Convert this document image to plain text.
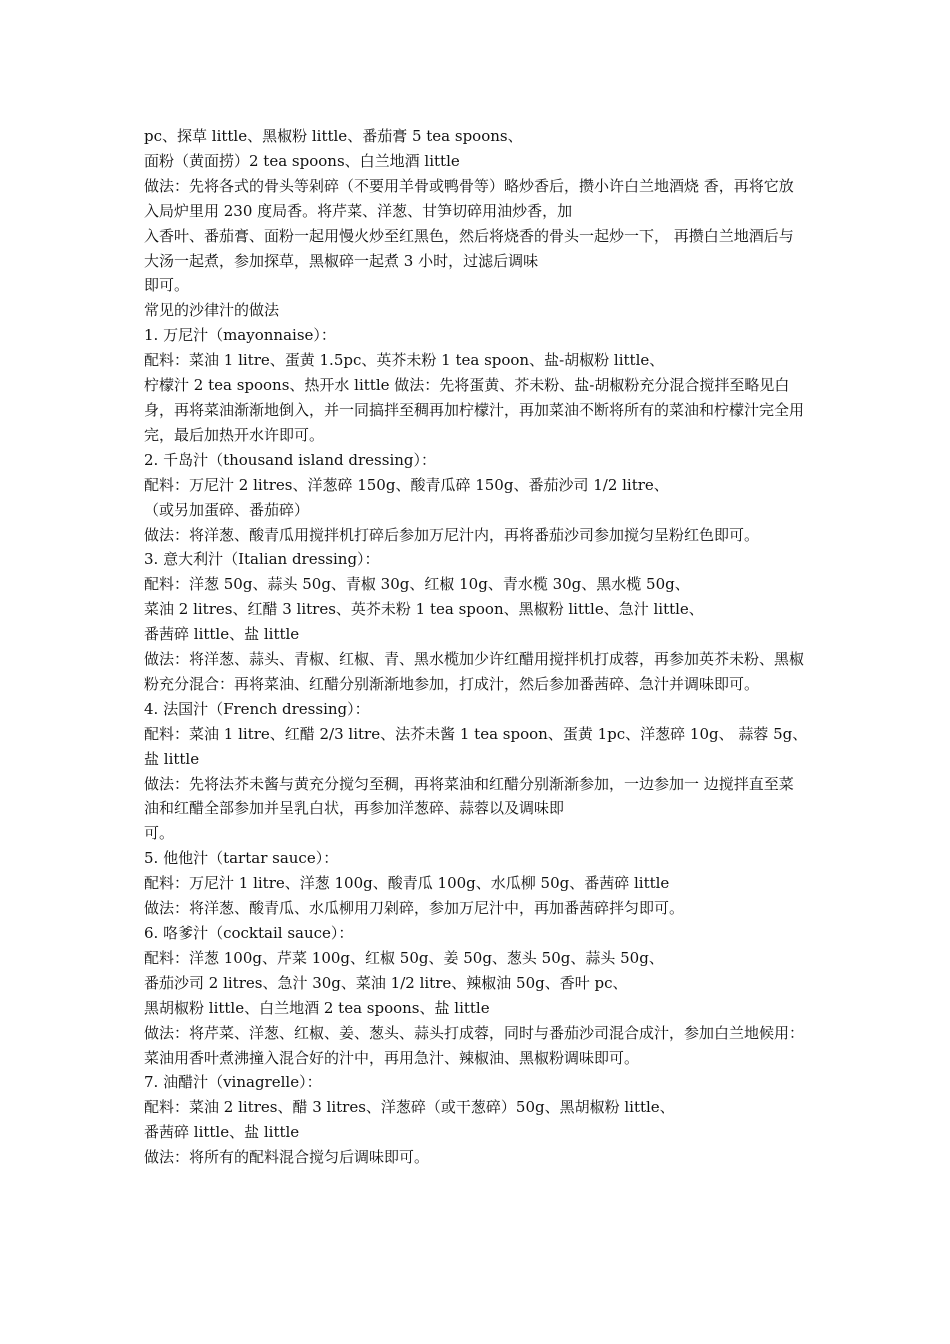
pc、探草 little、黑椒粉 little、番茄膏 5 tea spoons、

面粉（黄面捞）2 tea spoons、白兰地酒 little

做法：先将各式的骨头等剁碎（不要用羊骨或鸭骨等）略炒香后，攒小许白兰地酒烧 香，再将它放入局炉里用 230 度局香。将芹菜、洋葱、甘笋切碎用油炒香，加

入香叶、番茄膏、面粉一起用慢火炒至红黑色，然后将烧香的骨头一起炒一下， 再攒白兰地酒后与大汤一起煮，参加探草，黑椒碎一起煮 3 小时，过滤后调味

即可。

常见的沙律汁的做法

1. 万尼汁（mayonnaise）：

配料：菜油 1 litre、蛋黄 1.5pc、英芥未粉 1 tea spoon、盐-胡椒粉 little、

柠檬汁 2 tea spoons、热开水 little 做法：先将蛋黄、芥未粉、盐-胡椒粉充分混合搅拌至略见白身，再将菜油渐渐地倒入，并一同搞拌至稠再加柠檬汁，再加菜油不断将所有的菜油和柠檬汁完全用完，最后加热开水许即可。

2. 千岛汁（thousand island dressing）：

配料：万尼汁 2 litres、洋葱碎 150g、酸青瓜碎 150g、番茄沙司 1/2 litre、

（或另加蛋碎、番茄碎）

做法：将洋葱、酸青瓜用搅拌机打碎后参加万尼汁内，再将番茄沙司参加搅匀呈粉红色即可。

3. 意大利汁（Italian dressing）：

配料：洋葱 50g、蒜头 50g、青椒 30g、红椒 10g、青水榄 30g、黑水榄 50g、

菜油 2 litres、红醋 3 litres、英芥未粉 1 tea spoon、黑椒粉 little、急汁 little、

番茜碎 little、盐 little

做法：将洋葱、蒜头、青椒、红椒、青、黑水榄加少许红醋用搅拌机打成蓉，再参加英芥未粉、黑椒粉充分混合：再将菜油、红醋分别渐渐地参加，打成汁，然后参加番茜碎、急汁并调味即可。

4. 法国汁（French dressing）：

配料：菜油 1 litre、红醋 2/3 litre、法芥未酱 1 tea spoon、蛋黄 1pc、洋葱碎 10g、 蒜蓉 5g、盐 little

做法：先将法芥未酱与黄充分搅匀至稠，再将菜油和红醋分别渐渐参加，一边参加一 边搅拌直至菜油和红醋全部参加并呈乳白状，再参加洋葱碎、蒜蓉以及调味即

可。

5. 他他汁（tartar sauce）：

配料：万尼汁 1 litre、洋葱 100g、酸青瓜 100g、水瓜柳 50g、番茜碎 little

做法：将洋葱、酸青瓜、水瓜柳用刀剁碎，参加万尼汁中，再加番茜碎拌匀即可。

6. 咯爹汁（cocktail sauce）：

配料：洋葱 100g、芹菜 100g、红椒 50g、姜 50g、葱头 50g、蒜头 50g、

番茄沙司 2 litres、急汁 30g、菜油 1/2 litre、辣椒油 50g、香叶 pc、

黑胡椒粉 little、白兰地酒 2 tea spoons、盐 little

做法：将芹菜、洋葱、红椒、姜、葱头、蒜头打成蓉，同时与番茄沙司混合成汁，参加白兰地候用：菜油用香叶煮沸撞入混合好的汁中，再用急汁、辣椒油、黑椒粉调味即可。

7. 油醋汁（vinagrelle）：

配料：菜油 2 litres、醋 3 litres、洋葱碎（或干葱碎）50g、黑胡椒粉 little、

番茜碎 little、盐 little

做法：将所有的配料混合搅匀后调味即可。
